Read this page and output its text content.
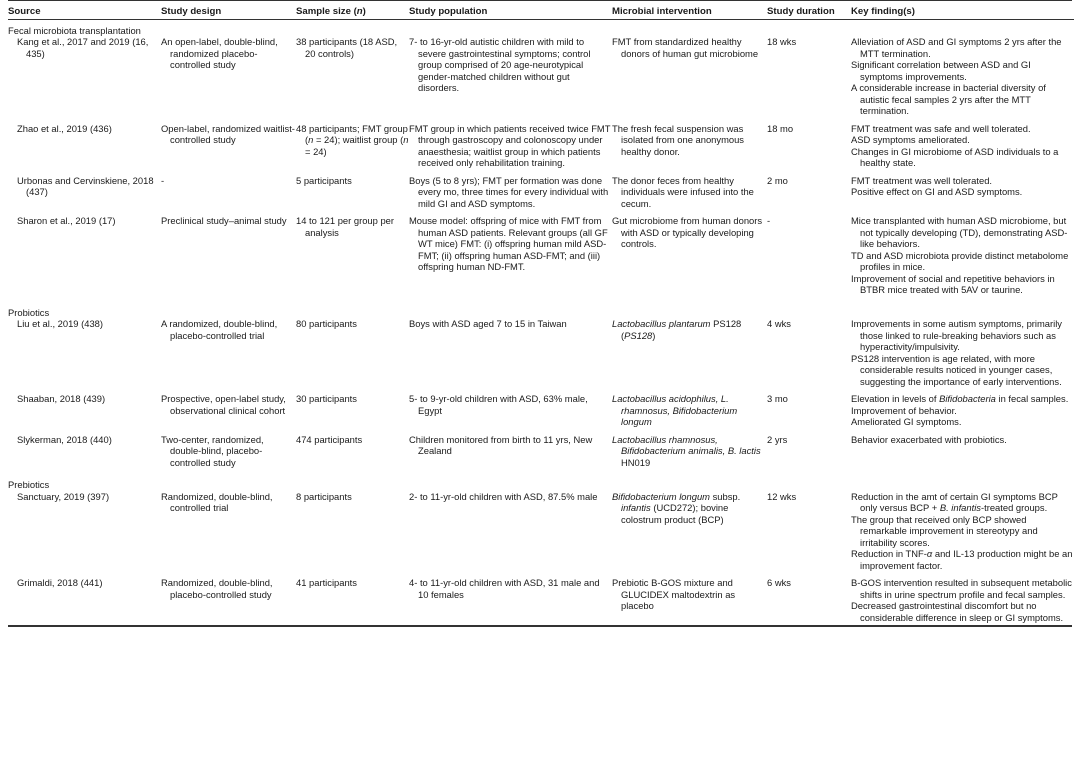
Source	Study design	Sample size (n)	Study population	Microbial intervention	Study duration	Key finding(s)
Fecal microbiota transplantation						
Kang et al., 2017 and 2019 (16, 435)	An open-label, double-blind, randomized placebo-controlled study	38 participants (18 ASD, 20 controls)	7- to 16-yr-old autistic children with mild to severe gastrointestinal symptoms; control group comprised of 20 age-neurotypical gender-matched children without gut disorders.	FMT from standardized healthy donors of human gut microbiome	18 wks	Alleviation of ASD and GI symptoms 2 yrs after the MTT termination.

Significant correlation between ASD and GI symptoms improvements.

A considerable increase in bacterial diversity of autistic fecal samples 2 yrs after the MTT termination.

Zhao et al., 2019 (436)	Open-label, randomized waitlist-controlled study	48 participants; FMT group (n = 24); waitlist group (n = 24)	FMT group in which patients received twice FMT through gastroscopy and colonoscopy under anaesthesia; waitlist group in which patients received only rehabilitation training.	The fresh fecal suspension was isolated from one anonymous healthy donor.	18 mo	FMT treatment was safe and well tolerated.

ASD symptoms ameliorated.

Changes in GI microbiome of ASD individuals to a healthy state.

Urbonas and Cervinskiene, 2018 (437)	-	5 participants	Boys (5 to 8 yrs); FMT per formation was done every mo, three times for every individual with mild GI and ASD symptoms.	The donor feces from healthy individuals were infused into the cecum.	2 mo	FMT treatment was well tolerated.

Positive effect on GI and ASD symptoms.

Sharon et al., 2019 (17)	Preclinical study–animal study	14 to 121 per group per analysis	Mouse model: offspring of mice with FMT from human ASD patients. Relevant groups (all GF WT mice) FMT: (i) offspring human mild ASD-FMT; (ii) offspring human ASD-FMT; and (iii) offspring human ND-FMT.	Gut microbiome from human donors with ASD or typically developing controls.	-	Mice transplanted with human ASD microbiome, but not typically developing (TD), demonstrating ASD-like behaviors.

TD and ASD microbiota provide distinct metabolome profiles in mice.

Improvement of social and repetitive behaviors in BTBR mice treated with 5AV or taurine.

Probiotics						
Liu et al., 2019 (438)	A randomized, double-blind, placebo-controlled trial	80 participants	Boys with ASD aged 7 to 15 in Taiwan	Lactobacillus plantarum PS128 (PS128)	4 wks	Improvements in some autism symptoms, primarily those linked to rule-breaking behaviors such as hyperactivity/impulsivity.

PS128 intervention is age related, with more considerable results noticed in younger cases, suggesting the importance of early interventions.

Shaaban, 2018 (439)	Prospective, open-label study, observational clinical cohort	30 participants	5- to 9-yr-old children with ASD, 63% male, Egypt	Lactobacillus acidophilus, L. rhamnosus, Bifidobacterium longum	3 mo	Elevation in levels of Bifidobacteria in fecal samples.

Improvement of behavior.

Ameliorated GI symptoms.

Slykerman, 2018 (440)	Two-center, randomized, double-blind, placebo-controlled study	474 participants	Children monitored from birth to 11 yrs, New Zealand	Lactobacillus rhamnosus, Bifidobacterium animalis, B. lactis HN019	2 yrs	Behavior exacerbated with probiotics.

Prebiotics						
Sanctuary, 2019 (397)	Randomized, double-blind, controlled trial	8 participants	2- to 11-yr-old children with ASD, 87.5% male	Bifidobacterium longum subsp. infantis (UCD272); bovine colostrum product (BCP)	12 wks	Reduction in the amt of certain GI symptoms BCP only versus BCP + B. infantis-treated groups.

The group that received only BCP showed remarkable improvement in stereotypy and irritability scores.

Reduction in TNF-α and IL-13 production might be an improvement factor.

Grimaldi, 2018 (441)	Randomized, double-blind, placebo-controlled study	41 participants	4- to 11-yr-old children with ASD, 31 male and 10 females	Prebiotic B-GOS mixture and GLUCIDEX maltodextrin as placebo	6 wks	B-GOS intervention resulted in subsequent metabolic shifts in urine spectrum profile and fecal samples.

Decreased gastrointestinal discomfort but no considerable difference in sleep or GI symptoms.
